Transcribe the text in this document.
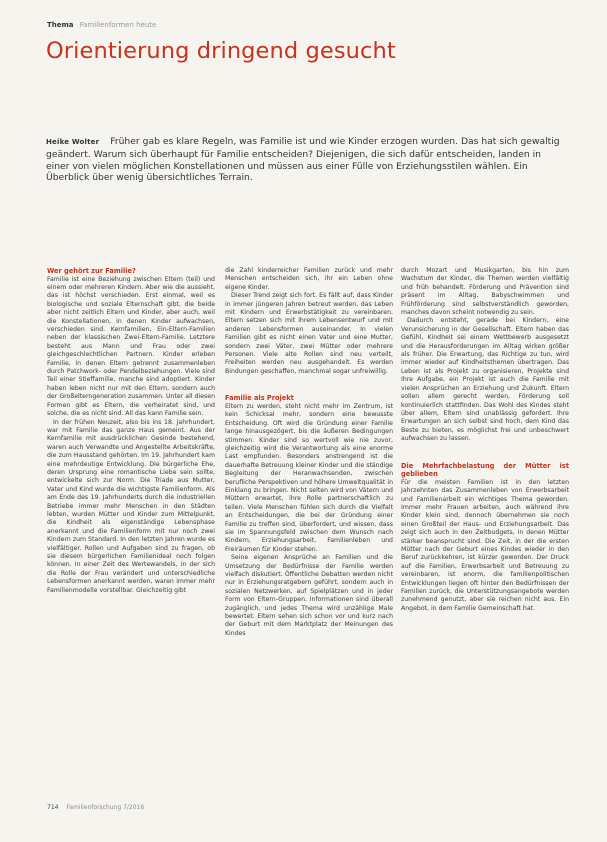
Thema Familienformen heute
Orientierung dringend gesucht
Heike Wolter Früher gab es klare Regeln, was Familie ist und wie Kinder erzogen wurden. Das hat sich gewaltig geändert. Warum sich überhaupt für Familie entscheiden? Diejenigen, die sich dafür entscheiden, landen in einer von vielen möglichen Konstellationen und müssen aus einer Fülle von Erziehungsstilen wählen. Ein Überblick über wenig übersichtliches Terrain.
Wer gehört zur Familie?

Familie ist eine Beziehung zwischen Eltern (teil) und einem oder mehreren Kindern. Aber wie die aussieht, das ist höchst verschieden. Erst einmal, weil es biologische und soziale Elternschaft gibt, die beide aber nicht zeitlich Eltern und Kinder, aber auch, weil die Konstellationen, in denen Kinder aufwachsen, verschieden sind. Kernfamilien, Ein-Eltern-Familien neben der klassischen Zwei-Eltern-Familie. Letztere besteht aus Mann und Frau oder zwei gleichgeschlechtlichen Partnern. Kinder erleben Familie, in denen Eltern getrennt zusammenleben durch Patchwork- oder Pendelbeziehungen. Viele sind Teil einer Stieffamilie, manche sind adoptiert. Kinder haben leben nicht nur mit den Eltern, sondern auch der Großelterngeneration zusammen. Unter all diesen Formen gibt es Eltern, die verheiratet sind, und solche, die es nicht sind. All das kann Familie sein.

In der frühen Neuzeit, also bis ins 18. Jahrhundert, war mit Familie das ganze Haus gemeint. Aus der Kernfamilie mit ausdrücklichen Gesinde bestehend, waren auch Verwandte und Angestellte Arbeitskräfte, die zum Hausstand gehörten. Im 19. Jahrhundert kam eine mehrdeutige Entwicklung. Die bürgerliche Ehe, deren Ursprung eine romantische Liebe sein sollte, entwickelte sich zur Norm. Die Triade aus Mutter, Vater und Kind wurde die wichtigste Familienform. Als am Ende des 19. Jahrhunderts durch die industriellen Betriebe immer mehr Menschen in den Städten lebten, wurden Mütter und Kinder zum Mittelpunkt, die Kindheit als eigenständige Lebensphase anerkannt und die Familienform mit nur noch zwei Kindern zum Standard. In den letzten Jahren wurde es vielfältiger. Rollen und Aufgaben sind zu fragen, ob sie diesem bürgerlichen Familienideal noch folgen können. In einer Zeit des Wertewandels, in der sich die Rolle der Frau verändert und unterschiedliche Lebensformen anerkannt werden, waren immer mehr Familienmodelle vorstellbar. Gleichzeitig gibt

die Zahl kinderreicher Familien zurück und mehr Menschen entscheiden sich, ihr ein Leben ohne eigene Kinder.

Dieser Trend zeigt sich fort. Es fällt auf, dass Kinder in immer jüngeren Jahren betreut werden, das Leben mit Kindern und Erwerbstätigkeit zu vereinbaren. Eltern setzen sich mit ihrem Lebensentwurf und mit anderen Lebensformen auseinander. In vielen Familien gibt es nicht einen Vater und eine Mutter, sondern zwei Väter, zwei Mütter oder mehrere Personen. Viele alte Rollen sind neu verteilt, Freiheiten werden neu ausgehandelt. Es werden Bindungen geschaffen, manchmal sogar unfreiwillig.

Familie als Projekt

Eltern zu werden, steht nicht mehr im Zentrum, ist kein Schicksal mehr, sondern eine bewusste Entscheidung. Oft wird die Gründung einer Familie lange hinausgezögert, bis die äußeren Bedingungen stimmen. Kinder sind so wertvoll wie nie zuvor, gleichzeitig wird die Verantwortung als eine enorme Last empfunden. Besonders anstrengend ist die dauerhafte Betreuung kleiner Kinder und die ständige Begleitung der Heranwachsenden, zwischen berufliche Perspektiven und höhere Umweltqualität in Einklang zu bringen. Nicht selten wird von Vätern und Müttern erwartet, ihre Rolle partnerschaftlich zu teilen. Viele Menschen fühlen sich durch die Vielfalt an Entscheidungen, die bei der Gründung einer Familie zu treffen sind, überfordert, und wissen, dass sie im Spannungsfeld zwischen dem Wunsch nach Kindern, Erziehungsarbeit, Familienleben und Freiräumen für Kinder stehen.

Seine eigenen Ansprüche an Familien und die Umsetzung der Bedürfnisse der Familie werden vielfach diskutiert. Öffentliche Debatten werden nicht nur in Erziehungsratgebern geführt, sondern auch in sozialen Netzwerken, auf Spielplätzen und in jeder Form von Eltern-Gruppen. Informationen sind überall zugänglich, und jedes Thema wird unzählige Male bewertet. Eltern sehen sich schon vor und kurz nach der Geburt mit dem Marktplatz der Meinungen des Kindes

durch Mozart und Musikgarten, bis hin zum Wachstum der Kinder, die Themen werden vielfältig und früh behandelt. Förderung und Prävention sind präsent im Alltag, Babyschwimmen und Frühförderung sind selbstverständlich geworden, manches davon scheint notwendig zu sein.

Dadurch entsteht, gerade bei Kindern, eine Verunsicherung in der Gesellschaft. Eltern haben das Gefühl, Kindheit sei einem Wettbewerb ausgesetzt und die Herausforderungen im Alltag wirken größer als früher. Die Erwartung, das Richtige zu tun, wird immer wieder auf Kindheitsthemen übertragen. Das Leben ist als Projekt zu organisieren, Projekte sind Ihre Aufgabe, ein Projekt ist auch die Familie mit vielen Ansprüchen an Erziehung und Zukunft. Eltern sollen allem gerecht werden, Förderung soll kontinuierlich stattfinden. Das Wohl des Kindes steht über allem, Eltern sind unablässig gefordert. Ihre Erwartungen an sich selbst sind hoch, dem Kind das Beste zu bieten, es möglichst frei und unbeschwert aufwachsen zu lassen.

Die Mehrfachbelastung der Mütter ist geblieben

Für die meisten Familien ist in den letzten Jahrzehnten das Zusammenleben von Erwerbsarbeit und Familienarbeit ein wichtiges Thema geworden. Immer mehr Frauen arbeiten, auch während ihre Kinder klein sind, dennoch übernehmen sie noch einen Großteil der Haus- und Erziehungsarbeit. Das zeigt sich auch in den Zeitbudgets, in denen Mütter stärker beansprucht sind. Die Zeit, in der die ersten Mütter nach der Geburt eines Kindes wieder in den Beruf zurückkehren, ist kürzer geworden. Der Druck auf die Familien, Erwerbsarbeit und Betreuung zu vereinbaren, ist enorm, die familienpolitischen Entwicklungen liegen oft hinter den Bedürfnissen der Familien zurück, die Unterstützungsangebote werden zunehmend genutzt, aber sie reichen nicht aus. Ein Angebot, in dem Familie Gemeinschaft hat.

714 Familienforschung 7/2016
